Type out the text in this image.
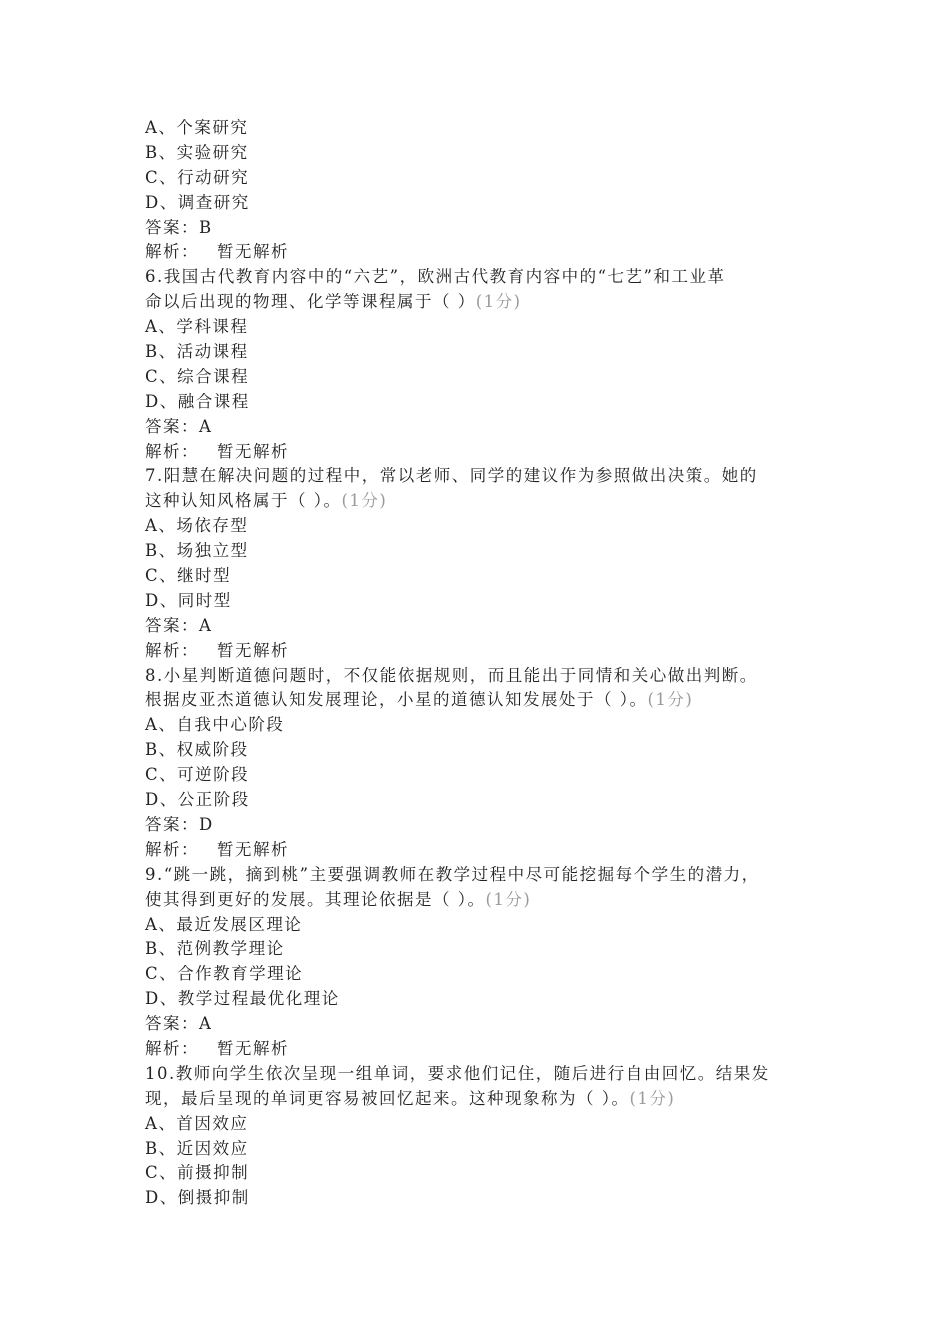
A、个案研究
B、实验研究
C、行动研究
D、调查研究
答案：B
解析： 暂无解析
6.我国古代教育内容中的“六艺”，欧洲古代教育内容中的“七艺”和工业革
命以后出现的物理、化学等课程属于（ ）(1分)
A、学科课程
B、活动课程
C、综合课程
D、融合课程
答案：A
解析： 暂无解析
7.阳慧在解决问题的过程中，常以老师、同学的建议作为参照做出决策。她的
这种认知风格属于（ ）。(1分)
A、场依存型
B、场独立型
C、继时型
D、同时型
答案：A
解析： 暂无解析
8.小星判断道德问题时，不仅能依据规则，而且能出于同情和关心做出判断。
根据皮亚杰道德认知发展理论，小星的道德认知发展处于（ ）。(1分)
A、自我中心阶段
B、权威阶段
C、可逆阶段
D、公正阶段
答案：D
解析： 暂无解析
9.“跳一跳，摘到桃”主要强调教师在教学过程中尽可能挖掘每个学生的潜力，
使其得到更好的发展。其理论依据是（ ）。(1分)
A、最近发展区理论
B、范例教学理论
C、合作教育学理论
D、教学过程最优化理论
答案：A
解析： 暂无解析
10.教师向学生依次呈现一组单词，要求他们记住，随后进行自由回忆。结果发
现，最后呈现的单词更容易被回忆起来。这种现象称为（ ）。(1分)
A、首因效应
B、近因效应
C、前摄抑制
D、倒摄抑制
